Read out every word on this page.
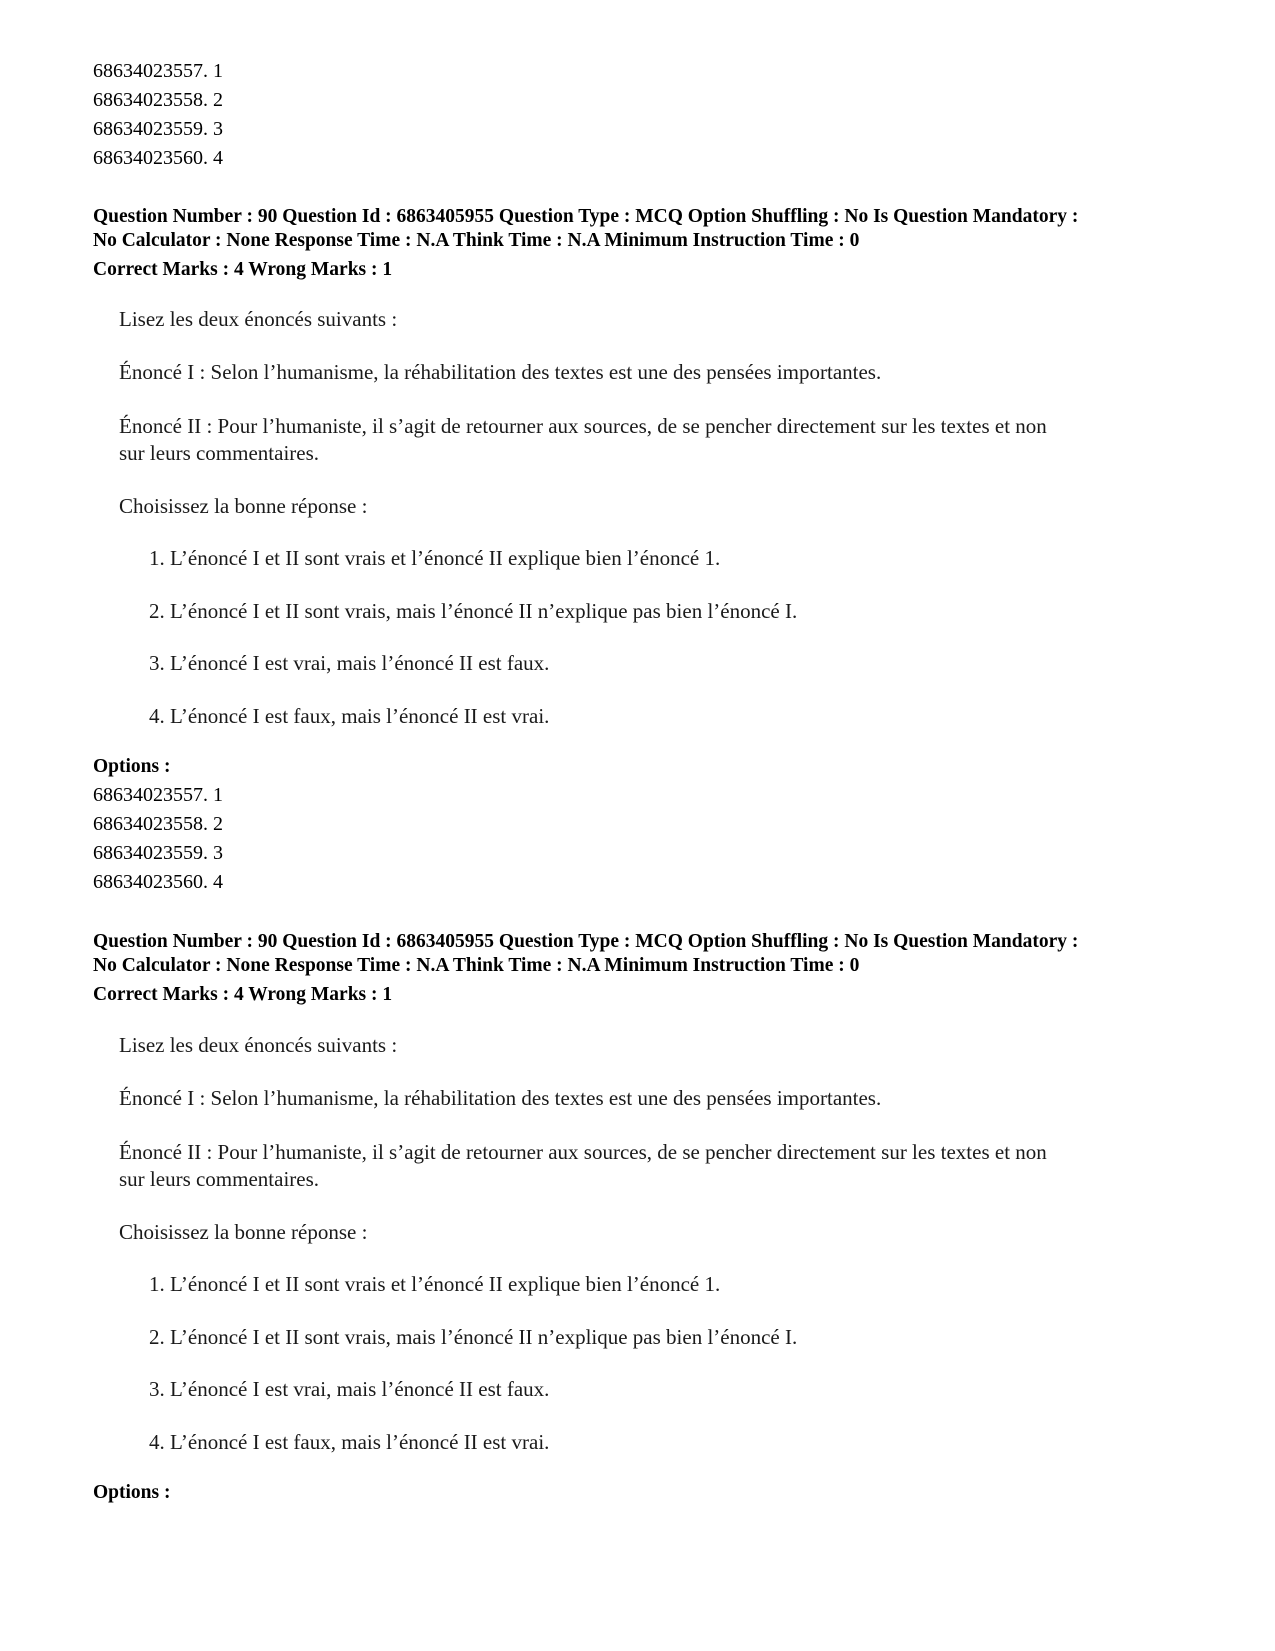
68634023557. 1
68634023558. 2
68634023559. 3
68634023560. 4
Question Number : 90 Question Id : 6863405955 Question Type : MCQ Option Shuffling : No Is Question Mandatory :
No Calculator : None Response Time : N.A Think Time : N.A Minimum Instruction Time : 0
Correct Marks : 4 Wrong Marks : 1

Lisez les deux énoncés suivants :

Énoncé I : Selon l’humanisme, la réhabilitation des textes est une des pensées importantes.

Énoncé II : Pour l’humaniste, il s’agit de retourner aux sources, de se pencher directement sur les textes et non

sur leurs commentaires.

Choisissez la bonne réponse :

1. L’énoncé I et II sont vrais et l’énoncé II explique bien l’énoncé 1.

2. L’énoncé I et II sont vrais, mais l’énoncé II n’explique pas bien l’énoncé I.

3. L’énoncé I est vrai, mais l’énoncé II est faux.

4. L’énoncé I est faux, mais l’énoncé II est vrai.

Options :
68634023557. 1
68634023558. 2
68634023559. 3
68634023560. 4
Question Number : 90 Question Id : 6863405955 Question Type : MCQ Option Shuffling : No Is Question Mandatory :
No Calculator : None Response Time : N.A Think Time : N.A Minimum Instruction Time : 0
Correct Marks : 4 Wrong Marks : 1

Lisez les deux énoncés suivants :

Énoncé I : Selon l’humanisme, la réhabilitation des textes est une des pensées importantes.

Énoncé II : Pour l’humaniste, il s’agit de retourner aux sources, de se pencher directement sur les textes et non

sur leurs commentaires.

Choisissez la bonne réponse :

1. L’énoncé I et II sont vrais et l’énoncé II explique bien l’énoncé 1.

2. L’énoncé I et II sont vrais, mais l’énoncé II n’explique pas bien l’énoncé I.

3. L’énoncé I est vrai, mais l’énoncé II est faux.

4. L’énoncé I est faux, mais l’énoncé II est vrai.

Options :
